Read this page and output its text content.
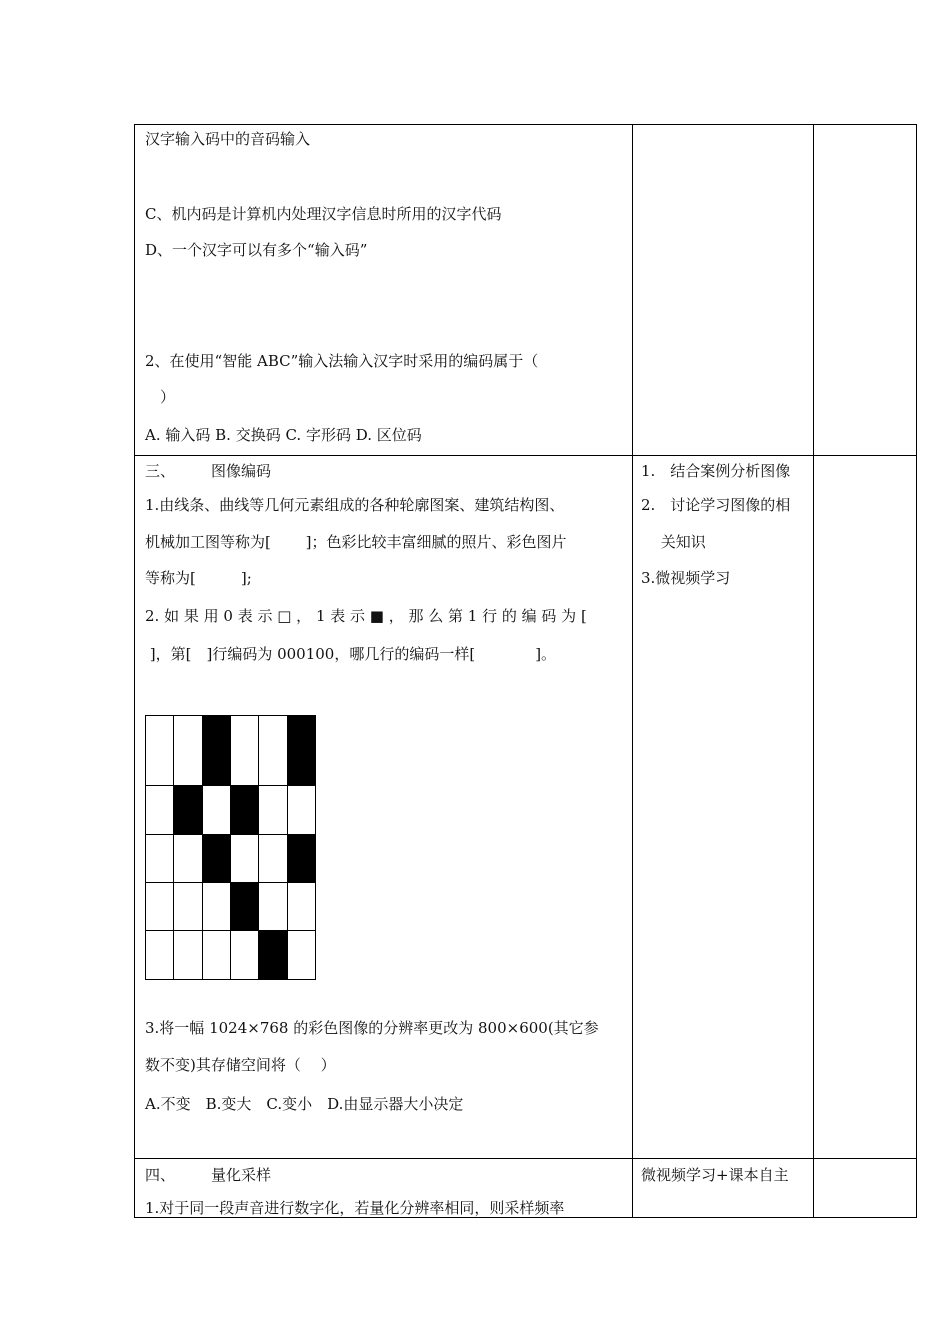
汉字输入码中的音码输入
C、机内码是计算机内处理汉字信息时所用的汉字代码
D、一个汉字可以有多个“输入码”
2、在使用“智能 ABC”输入法输入汉字时采用的编码属于（
）
A. 输入码 B. 交换码 C. 字形码 D. 区位码
三、 图像编码
1.由线条、曲线等几何元素组成的各种轮廓图案、建筑结构图、
机械加工图等称为[　　 ]；色彩比较丰富细腻的照片、彩色图片
等称为[　　　];
2. 如 果 用 0 表 示 □ ， 1 表 示 ■ ， 那 么 第 1 行 的 编 码 为 [
]，第[　]行编码为 000100，哪几行的编码一样[　　　　]。
3.将一幅 1024×768 的彩色图像的分辨率更改为 800×600(其它参
数不变)其存储空间将（　 ）
A.不变　B.变大　C.变小　D.由显示器大小决定
1.　结合案例分析图像
2.　讨论学习图像的相
　 关知识
3.微视频学习
四、 量化采样
1.对于同一段声音进行数字化，若量化分辨率相同，则采样频率
微视频学习+课本自主
